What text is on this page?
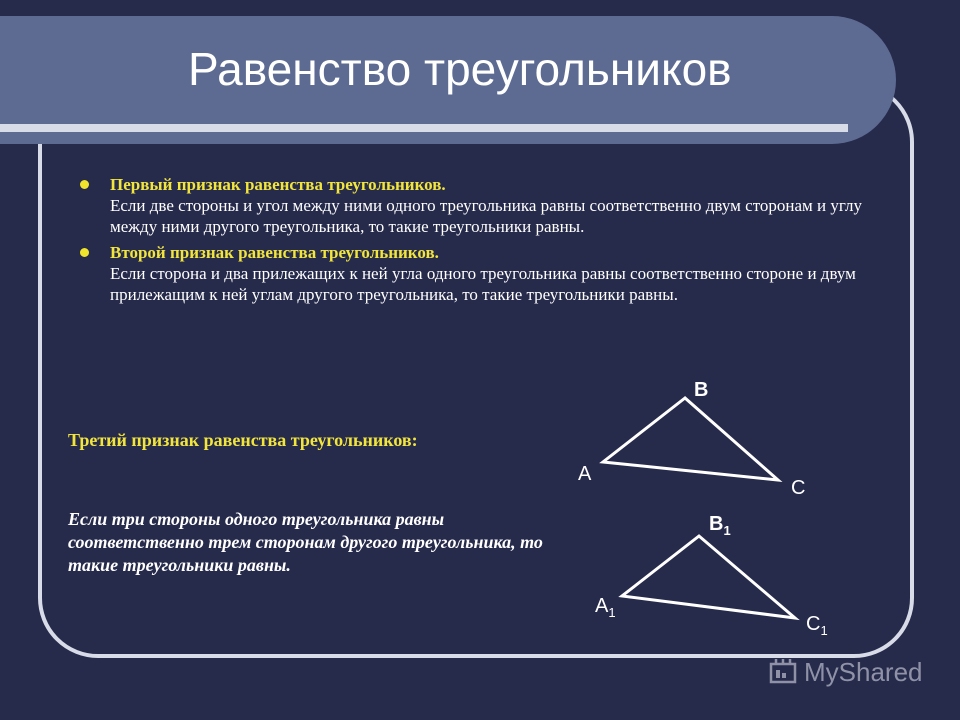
Равенство треугольников
Первый признак равенства треугольников.
Если две стороны и угол между ними одного треугольника равны соответственно двум сторонам и углу между ними другого треугольника, то такие треугольники равны.
Второй признак равенства треугольников.
Если сторона и два прилежащих к ней угла одного треугольника равны соответственно стороне и двум прилежащим к ней углам другого треугольника, то такие треугольники равны.
Третий признак равенства треугольников:
Если три стороны одного треугольника равны соответственно трем сторонам другого треугольника, то такие треугольники равны.
B
A
C
$B_1$
$A_1$
$C_1$
MyShared
